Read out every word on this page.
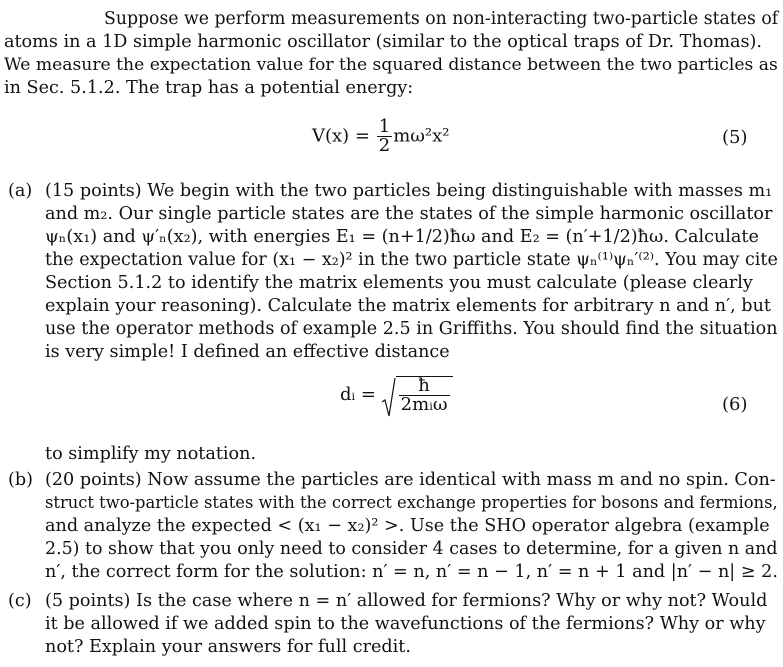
Suppose we perform measurements on non-interacting two-particle states of
atoms in a 1D simple harmonic oscillator (similar to the optical traps of Dr. Thomas).
We measure the expectation value for the squared distance between the two particles as
in Sec. 5.1.2. The trap has a potential energy:
$V(x) = \frac{1}{2} m\omega^2x^2$	(5)
(a) (15 points) We begin with the two particles being distinguishable with masses m₁
and m₂. Our single particle states are the states of the simple harmonic oscillator
ψₙ(x₁) and ψ′ₙ(x₂), with energies E₁ = (n+1/2)ħω and E₂ = (n′+1/2)ħω. Calculate
the expectation value for (x₁ − x₂)² in the two particle state ψₙ⁽¹⁾ψₙ′⁽²⁾. You may cite
Section 5.1.2 to identify the matrix elements you must calculate (please clearly
explain your reasoning). Calculate the matrix elements for arbitrary n and n′, but
use the operator methods of example 2.5 in Griffiths. You should find the situation
is very simple! I defined an effective distance
dᵢ = $\frac{ħ}{\text{2mᵢω}}$	(6)
to simplify my notation.
(b) (20 points) Now assume the particles are identical with mass m and no spin. Con-
struct two-particle states with the correct exchange properties for bosons and fermions,
and analyze the expected < (x₁ − x₂)² >. Use the SHO operator algebra (example
2.5) to show that you only need to consider 4 cases to determine, for a given n and
n′, the correct form for the solution: n′ = n, n′ = n − 1, n′ = n + 1 and |n′ − n| ≥ 2.
(c) (5 points) Is the case where n = n′ allowed for fermions? Why or why not? Would
it be allowed if we added spin to the wavefunctions of the fermions? Why or why
not? Explain your answers for full credit.
